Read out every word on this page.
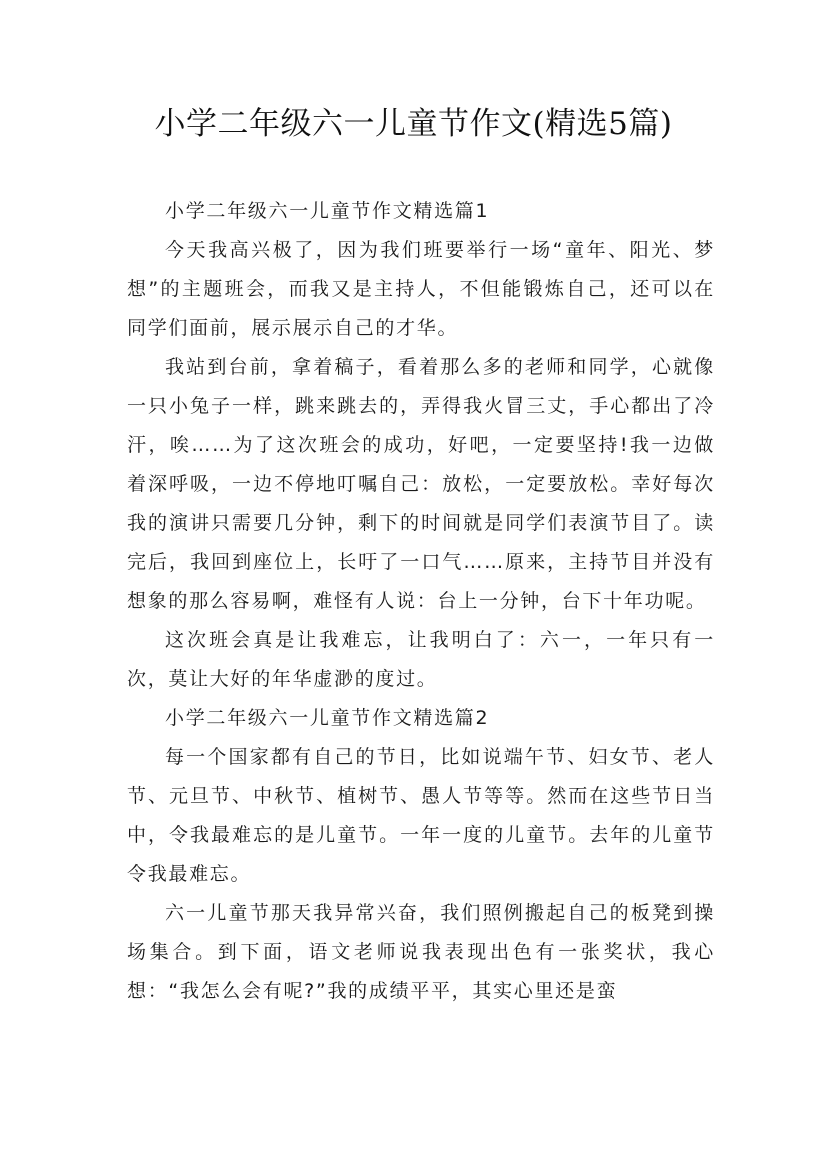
小学二年级六一儿童节作文(精选5篇)

小学二年级六一儿童节作文精选篇1

今天我高兴极了，因为我们班要举行一场“童年、阳光、梦想”的主题班会，而我又是主持人，不但能锻炼自己，还可以在同学们面前，展示展示自己的才华。

我站到台前，拿着稿子，看着那么多的老师和同学，心就像一只小兔子一样，跳来跳去的，弄得我火冒三丈，手心都出了冷汗，唉……为了这次班会的成功，好吧，一定要坚持!我一边做着深呼吸，一边不停地叮嘱自己：放松，一定要放松。幸好每次我的演讲只需要几分钟，剩下的时间就是同学们表演节目了。读完后，我回到座位上，长吁了一口气……原来，主持节目并没有想象的那么容易啊，难怪有人说：台上一分钟，台下十年功呢。

这次班会真是让我难忘，让我明白了：六一，一年只有一次，莫让大好的年华虚渺的度过。

小学二年级六一儿童节作文精选篇2

每一个国家都有自己的节日，比如说端午节、妇女节、老人节、元旦节、中秋节、植树节、愚人节等等。然而在这些节日当中，令我最难忘的是儿童节。一年一度的儿童节。去年的儿童节令我最难忘。

六一儿童节那天我异常兴奋，我们照例搬起自己的板凳到操场集合。到下面，语文老师说我表现出色有一张奖状，我心想：“我怎么会有呢?”我的成绩平平，其实心里还是蛮
